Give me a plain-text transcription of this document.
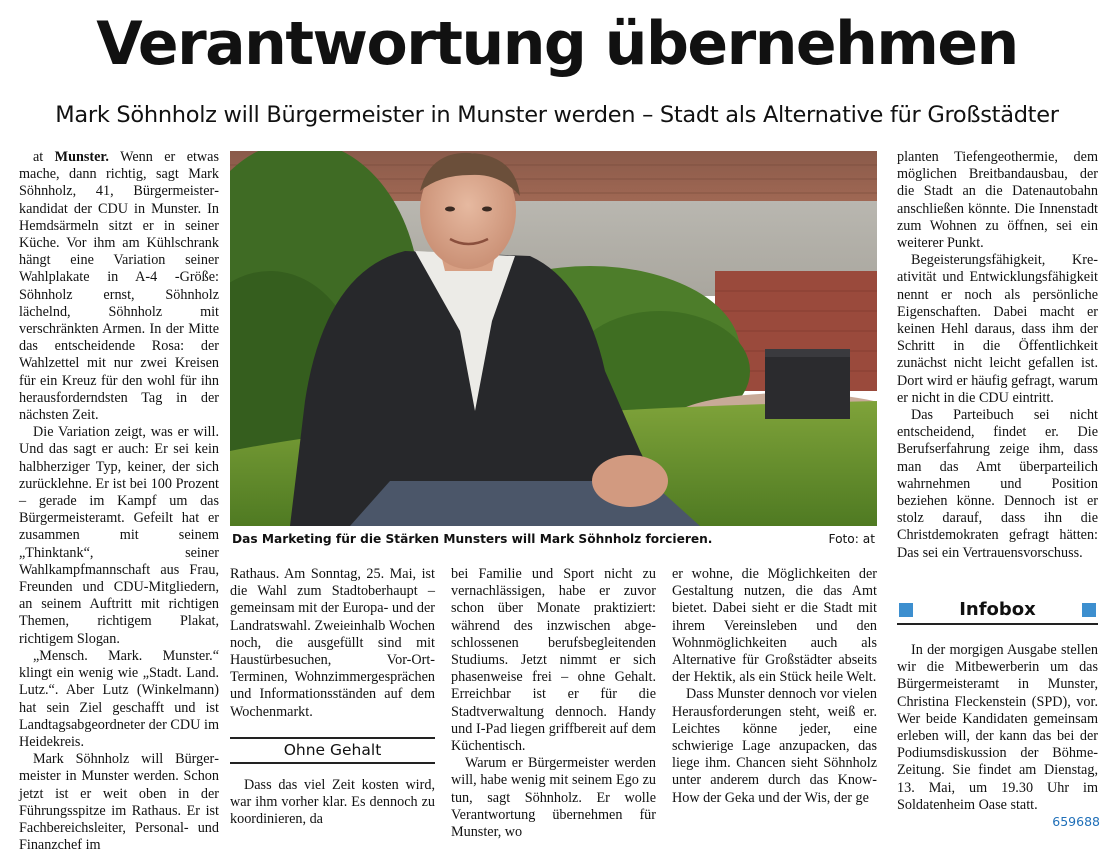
Verantwortung übernehmen
Mark Söhnholz will Bürgermeister in Munster werden – Stadt als Alternative für Großstädter

at Munster. Wenn er etwas mache, dann richtig, sagt Mark Söhnholz, 41, Bürgermeisterkandidat der CDU in Munster. In Hemdsärmeln sitzt er in seiner Küche. Vor ihm am Kühlschrank hängt eine Variation seiner Wahlplakate in A-4 -Größe: Söhnholz ernst, Söhnholz lächelnd, Söhnholz mit verschränkten Armen. In der Mitte das entscheidende Rosa: der Wahlzettel mit nur zwei Kreisen für ein Kreuz für den wohl für ihn herausforderndsten Tag in der nächsten Zeit.

Die Variation zeigt, was er will. Und das sagt er auch: Er sei kein halbherziger Typ, keiner, der sich zurücklehne. Er ist bei 100 Prozent – gerade im Kampf um das Bürgermeisteramt. Gefeilt hat er zusammen mit seinem „Thinktank“, seiner Wahlkampfmannschaft aus Frau, Freunden und CDU-Mitgliedern, an seinem Auftritt mit richtigen Themen, richtigem Plakat, richtigem Slogan.

„Mensch. Mark. Munster.“ klingt ein wenig wie „Stadt. Land. Lutz.“. Aber Lutz (Winkelmann) hat sein Ziel geschafft und ist Landtagsabgeordneter der CDU im Heidekreis.

Mark Söhnholz will Bürgermeister in Munster werden. Schon jetzt ist er weit oben in der Führungsspitze im Rathaus. Er ist Fachbereichsleiter, Personal- und Finanzchef im

Das Marketing für die Stärken Munsters will Mark Söhnholz forcieren.	Foto: at

Rathaus. Am Sonntag, 25. Mai, ist die Wahl zum Stadtoberhaupt – gemeinsam mit der Europa- und der Landratswahl. Zweieinhalb Wochen noch, die ausgefüllt sind mit Haustürbesuchen, Vor-Ort-Terminen, Wohnzimmergesprächen und Informationsständen auf dem Wochenmarkt.

Ohne Gehalt

Dass das viel Zeit kosten wird, war ihm vorher klar. Es dennoch zu koordinieren, da

bei Familie und Sport nicht zu vernachlässigen, habe er zuvor schon über Monate praktiziert: während des inzwischen abgeschlossenen berufsbegleitenden Studiums. Jetzt nimmt er sich phasenweise frei – ohne Gehalt. Erreichbar ist er für die Stadtverwaltung dennoch. Handy und I-Pad liegen griffbereit auf dem Küchentisch.

Warum er Bürgermeister werden will, habe wenig mit seinem Ego zu tun, sagt Söhnholz. Er wolle Verantwortung übernehmen für Munster, wo

er wohne, die Möglichkeiten der Gestaltung nutzen, die das Amt bietet. Dabei sieht er die Stadt mit ihrem Vereinsleben und den Wohnmöglichkeiten auch als Alternative für Großstädter abseits der Hektik, als ein Stück heile Welt.

Dass Munster dennoch vor vielen Herausforderungen steht, weiß er. Leichtes könne jeder, eine schwierige Lage anzupacken, das liege ihm. Chancen sieht Söhnholz unter anderem durch das Know-How der Geka und der Wis, der ge

planten Tiefengeothermie, dem möglichen Breitbandausbau, der die Stadt an die Datenautobahn anschließen könnte. Die Innenstadt zum Wohnen zu öffnen, sei ein weiterer Punkt.

Begeisterungsfähigkeit, Kreativität und Entwicklungsfähigkeit nennt er noch als persönliche Eigenschaften. Dabei macht er keinen Hehl daraus, dass ihm der Schritt in die Öffentlichkeit zunächst nicht leicht gefallen ist. Dort wird er häufig gefragt, warum er nicht in die CDU eintritt.

Das Parteibuch sei nicht entscheidend, findet er. Die Berufserfahrung zeige ihm, dass man das Amt überparteilich wahrnehmen und Position beziehen könne. Dennoch ist er stolz darauf, dass ihn die Christdemokraten gefragt hätten: Das sei ein Vertrauensvorschuss.

Infobox

In der morgigen Ausgabe stellen wir die Mitbewerberin um das Bürgermeisteramt in Munster, Christina Fleckenstein (SPD), vor. Wer beide Kandidaten gemeinsam erleben will, der kann das bei der Podiumsdiskussion der Böhme-Zeitung. Sie findet am Dienstag, 13. Mai, um 19.30 Uhr im Soldatenheim Oase statt.

659688
